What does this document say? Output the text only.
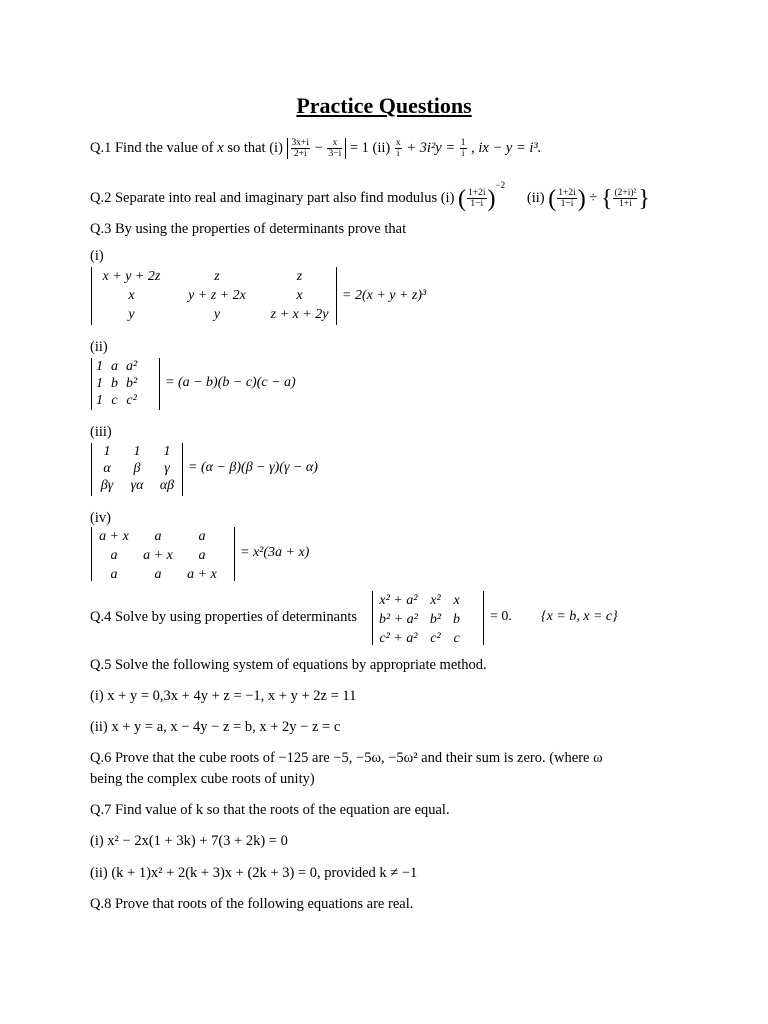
Practice Questions
Q.1 Find the value of x so that $(i) \frac{3x+i}{2+i} - \frac{x}{3-i} = 1$ $(ii) \frac{x}{i} + 3i^2y = \frac{1}{i}$ , ix − y = i³.
Q.2 Separate into real and imaginary part also find modulus (i) ( $\frac{1+2i}{1-i} )^{-2}$      (ii) ( $\frac{1+2i}{1-i}$ ) ÷ { $\frac{\text{(2+i)²}}{1+i}$ }
Q.3 By using the properties of determinants prove that
(i)
x + y + 2z	z	z
x	y + z + 2x	x
y	y	z + x + 2y
= 2(x + y + z)³
(ii)
1	a	a²
1	b	b²
1	c	c²
= (a − b)(b − c)(c − a)
(iii)
1	1	1
α	β	γ
βγ	γα	αβ
= (α − β)(β − γ)(γ − α)
(iv)
a + x	a	a
a	a + x	a
a	a	a + x
= x²(3a + x)
Q.4 Solve by using properties of determinants
x² + a²	x²	x
b² + a²	b²	b
c² + a²	c²	c
= 0. {x = b, x = c}
Q.5 Solve the following system of equations by appropriate method.
(i) x + y = 0,3x + 4y + z = −1, x + y + 2z = 11
(ii) x + y = a, x − 4y − z = b, x + 2y − z = c
Q.6 Prove that the cube roots of −125 are −5, −5ω, −5ω² and their sum is zero. (where ω
being the complex cube roots of unity)
Q.7 Find value of k so that the roots of the equation are equal.
(i) x² − 2x(1 + 3k) + 7(3 + 2k) = 0
(ii) (k + 1)x² + 2(k + 3)x + (2k + 3) = 0, provided k ≠ −1
Q.8 Prove that roots of the following equations are real.
